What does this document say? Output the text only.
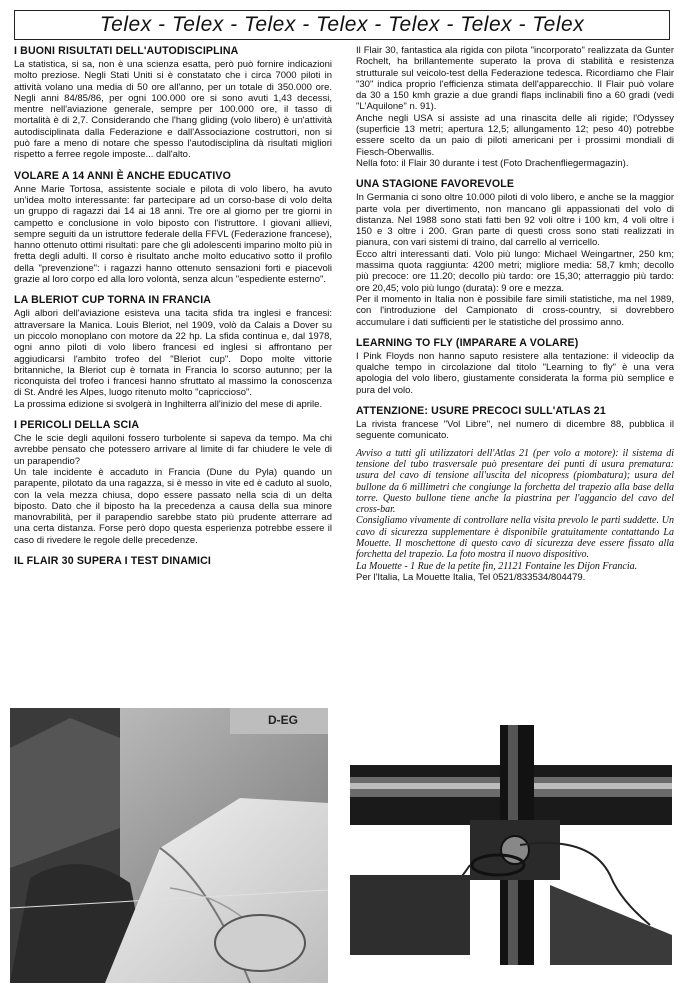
Telex - Telex - Telex - Telex - Telex - Telex - Telex
I BUONI RISULTATI DELL'AUTODISCIPLINA

La statistica, si sa, non è una scienza esatta, però può fornire indicazioni molto preziose. Negli Stati Uniti si è constatato che i circa 7000 piloti in attività volano una media di 50 ore all'anno, per un totale di 350.000 ore. Negli anni 84/85/86, per ogni 100.000 ore si sono avuti 1,43 decessi, mentre nell'aviazione generale, sempre per 100.000 ore, il tasso di mortalità è di 2,7. Considerando che l'hang gliding (volo libero) è un'attività autodisciplinata dalla Federazione e dall'Associazione costruttori, non si può fare a meno di notare che spesso l'autodisciplina dà risultati migliori rispetto a ferree regole imposte... dall'alto.

VOLARE A 14 ANNI È ANCHE EDUCATIVO

Anne Marie Tortosa, assistente sociale e pilota di volo libero, ha avuto un'idea molto interessante: far partecipare ad un corso-base di volo delta un gruppo di ragazzi dai 14 ai 18 anni. Tre ore al giorno per tre giorni in campetto e conclusione in volo biposto con l'istruttore. I giovani allievi, sempre seguiti da un istruttore federale della FFVL (Federazione francese), hanno ottenuto ottimi risultati: pare che gli adolescenti imparino molto più in fretta degli adulti. Il corso è risultato anche molto educativo sotto il profilo della "prevenzione": i ragazzi hanno ottenuto sensazioni forti e piacevoli grazie al loro corpo ed alla loro volontà, senza alcun "espediente esterno".

LA BLERIOT CUP TORNA IN FRANCIA

Agli albori dell'aviazione esisteva una tacita sfida tra inglesi e francesi: attraversare la Manica. Louis Bleriot, nel 1909, volò da Calais a Dover su un piccolo monoplano con motore da 22 hp. La sfida continua e, dal 1978, ogni anno piloti di volo libero francesi ed inglesi si affrontano per aggiudicarsi l'ambito trofeo del "Bleriot cup". Dopo molte vittorie britanniche, la Bleriot cup è tornata in Francia lo scorso autunno; per la riconquista del trofeo i francesi hanno sfruttato al massimo la conoscenza di St. André les Alpes, luogo ritenuto molto "capriccioso".

La prossima edizione si svolgerà in Inghilterra all'inizio del mese di aprile.

I PERICOLI DELLA SCIA

Che le scie degli aquiloni fossero turbolente si sapeva da tempo. Ma chi avrebbe pensato che potessero arrivare al limite di far chiudere le vele di un parapendio?

Un tale incidente è accaduto in Francia (Dune du Pyla) quando un parapente, pilotato da una ragazza, si è messo in vite ed è caduto al suolo, con la vela mezza chiusa, dopo essere passato nella scia di un delta biposto. Dato che il biposto ha la precedenza a causa della sua minore manovrabilità, per il parapendio sarebbe stato più prudente atterrare ad una certa distanza. Forse però dopo questa esperienza potrebbe essere il caso di rivedere le regole delle precedenze.

IL FLAIR 30 SUPERA I TEST DINAMICI

Il Flair 30, fantastica ala rigida con pilota "incorporato" realizzata da Gunter Rochelt, ha brillantemente superato la prova di stabilità e resistenza strutturale sul veicolo-test della Federazione tedesca. Ricordiamo che Flair "30" indica proprio l'efficienza stimata dell'apparecchio. Il Flair può volare da 30 a 150 kmh grazie a due grandi flaps inclinabili fino a 60 gradi (vedi "L'Aquilone" n. 91).

Anche negli USA si assiste ad una rinascita delle ali rigide; l'Odyssey (superficie 13 metri; apertura 12,5; allungamento 12; peso 40) potrebbe essere scelto da un paio di piloti americani per i prossimi mondiali di Fiesch-Oberwallis.

Nella foto: il Flair 30 durante i test (Foto Drachenfliegermagazin).

UNA STAGIONE FAVOREVOLE

In Germania ci sono oltre 10.000 piloti di volo libero, e anche se la maggior parte vola per divertimento, non mancano gli appassionati del volo di distanza. Nel 1988 sono stati fatti ben 92 voli oltre i 100 km, 4 voli oltre i 150 e 3 oltre i 200. Gran parte di questi cross sono stati realizzati in pianura, con vari sistemi di traino, dal carrello al verricello.

Ecco altri interessanti dati. Volo più lungo: Michael Weingartner, 250 km; massima quota raggiunta: 4200 metri; migliore media: 58,7 kmh; decollo più precoce: ore 11.20; decollo più tardo: ore 15,30; atterraggio più tardo: ore 20,45; volo più lungo (durata): 9 ore e mezza.

Per il momento in Italia non è possibile fare simili statistiche, ma nel 1989, con l'introduzione del Campionato di cross-country, si dovrebbero accumulare i dati sufficienti per le statistiche del prossimo anno.

LEARNING TO FLY (IMPARARE A VOLARE)

I Pink Floyds non hanno saputo resistere alla tentazione: il videoclip da qualche tempo in circolazione dal titolo "Learning to fly" è una vera apologia del volo libero, giustamente considerata la forma più semplice e pura del volo.

ATTENZIONE: USURE PRECOCI SULL'ATLAS 21

La rivista francese "Vol Libre", nel numero di dicembre 88, pubblica il seguente comunicato.

Avviso a tutti gli utilizzatori dell'Atlas 21 (per volo a motore): il sistema di tensione del tubo trasversale può presentare dei punti di usura prematura: usura del cavo di tensione all'uscita del nicopress (piombatura); usura del bullone da 6 millimetri che congiunge la forchetta del trapezio alla base della torre. Questo bullone tiene anche la piastrina per l'aggancio del cavo del cross-bar.

Consigliamo vivamente di controllare nella visita prevolo le parti suddette. Un cavo di sicurezza supplementare è disponibile gratuitamente contattando La Mouette. Il moschettone di questo cavo di sicurezza deve essere fissato alla forchetta del trapezio. La foto mostra il nuovo dispositivo.

La Mouette - 1 Rue de la petite fin, 21121 Fontaine les Dijon Francia.

Per l'Italia, La Mouette Italia, Tel 0521/833534/804479.

D-EG
